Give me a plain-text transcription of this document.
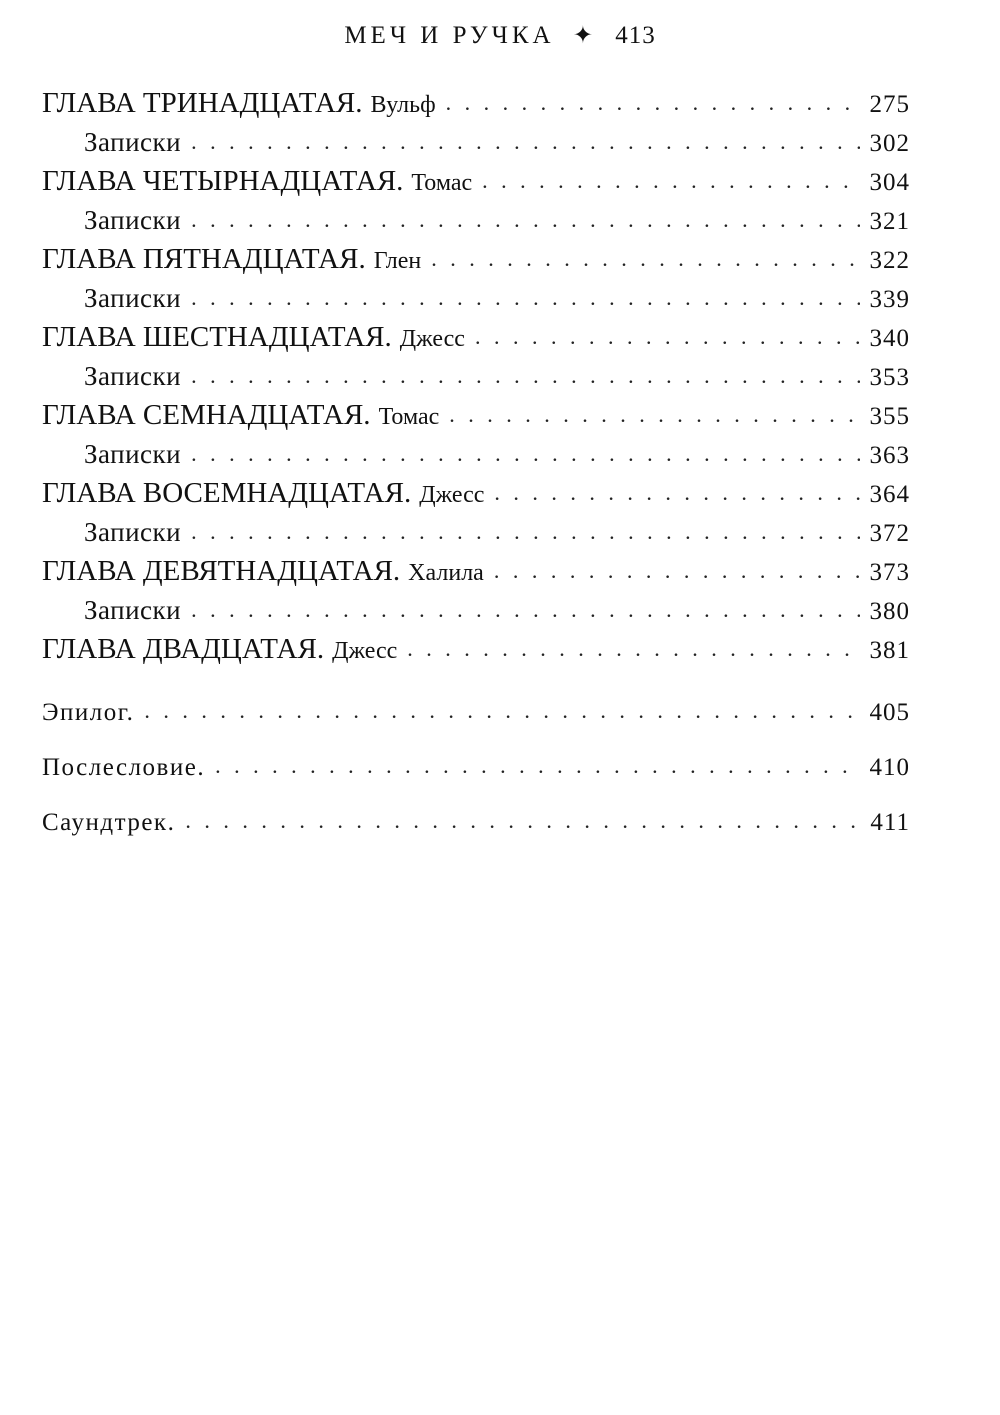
МЕЧ И РУЧКА ✦ 413
ГЛАВА ТРИНАДЦАТАЯ. Вульф . . .	275
Записки . . .	302
ГЛАВА ЧЕТЫРНАДЦАТАЯ. Томас . . .	304
Записки . . .	321
ГЛАВА ПЯТНАДЦАТАЯ. Глен . . .	322
Записки . . .	339
ГЛАВА ШЕСТНАДЦАТАЯ. Джесс . . .	340
Записки . . .	353
ГЛАВА СЕМНАДЦАТАЯ. Томас . . .	355
Записки . . .	363
ГЛАВА ВОСЕМНАДЦАТАЯ. Джесс . . .	364
Записки . . .	372
ГЛАВА ДЕВЯТНАДЦАТАЯ. Халила . . .	373
Записки . . .	380
ГЛАВА ДВАДЦАТАЯ. Джесс . . .	381
Эпилог. . . .	405
Послесловие. . . .	410
Саундтрек. . . .	411
